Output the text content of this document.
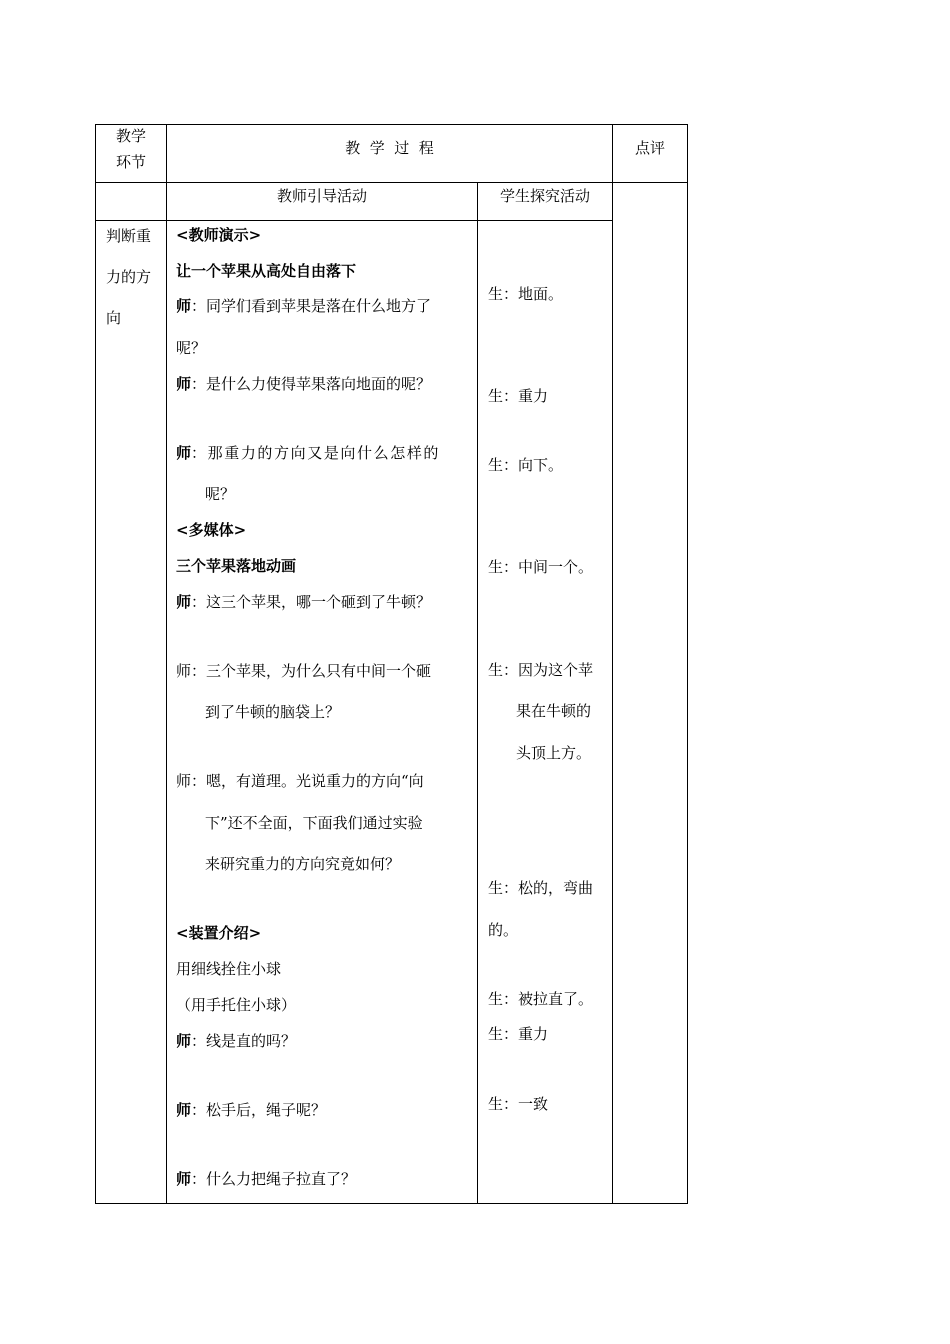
教学
环节
教  学  过  程	点评
教师引导活动	学生探究活动
判断重
力的方
向
<教师演示>
让一个苹果从高处自由落下
师：同学们看到苹果是落在什么地方了
呢？
师：是什么力使得苹果落向地面的呢？
师：那重力的方向又是向什么怎样的
呢？
<多媒体>
三个苹果落地动画
师：这三个苹果，哪一个砸到了牛顿？
师：三个苹果，为什么只有中间一个砸
到了牛顿的脑袋上？
师：嗯，有道理。光说重力的方向“向
下”还不全面，下面我们通过实验
来研究重力的方向究竟如何？
<装置介绍>
用细线拴住小球
（用手托住小球）
师：线是直的吗？
师：松手后，绳子呢？
师：什么力把绳子拉直了？
生：地面。
生：重力
生：向下。
生：中间一个。
生：因为这个苹
果在牛顿的
头顶上方。
生：松的，弯曲
的。
生：被拉直了。
生：重力
生：一致
